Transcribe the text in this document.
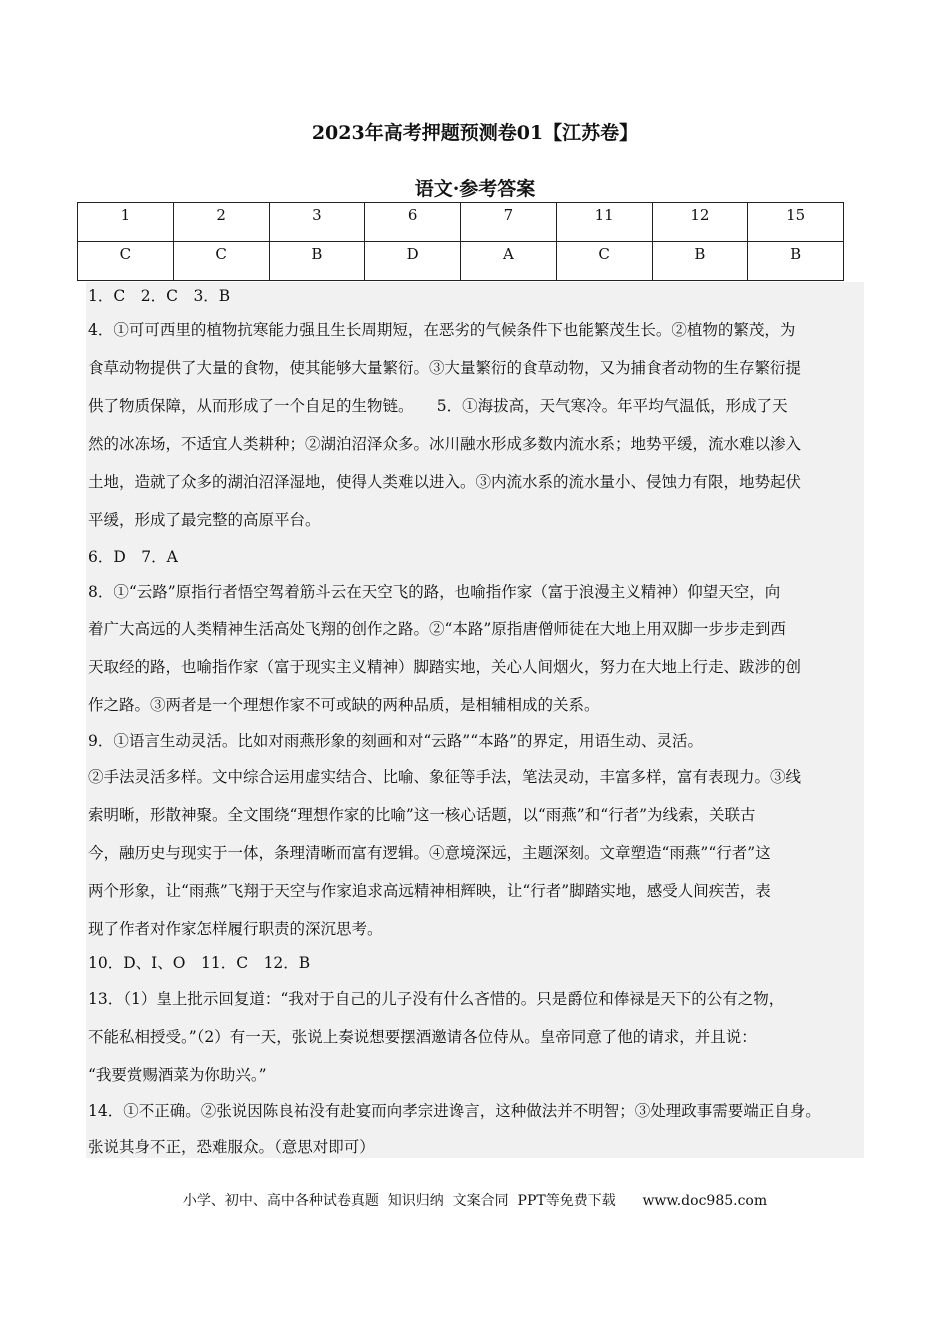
2023年高考押题预测卷01【江苏卷】
语文·参考答案
1	2	3	6	7	11	12	15
C	C	B	D	A	C	B	B
1．C　2．C　3．B
4．①可可西里的植物抗寒能力强且生长周期短，在恶劣的气候条件下也能繁茂生长。②植物的繁茂，为
食草动物提供了大量的食物，使其能够大量繁衍。③大量繁衍的食草动物，又为捕食者动物的生存繁衍提
供了物质保障，从而形成了一个自足的生物链。　　5．①海拔高，天气寒冷。年平均气温低，形成了天
然的冰冻场，不适宜人类耕种；②湖泊沼泽众多。冰川融水形成多数内流水系；地势平缓，流水难以渗入
土地，造就了众多的湖泊沼泽湿地，使得人类难以进入。③内流水系的流水量小、侵蚀力有限，地势起伏
平缓，形成了最完整的高原平台。
6．D　7．A
8．①“云路”原指行者悟空驾着筋斗云在天空飞的路，也喻指作家（富于浪漫主义精神）仰望天空，向
着广大高远的人类精神生活高处飞翔的创作之路。②“本路”原指唐僧师徒在大地上用双脚一步步走到西
天取经的路，也喻指作家（富于现实主义精神）脚踏实地，关心人间烟火，努力在大地上行走、跋涉的创
作之路。③两者是一个理想作家不可或缺的两种品质，是相辅相成的关系。
9．①语言生动灵活。比如对雨燕形象的刻画和对“云路”“本路”的界定，用语生动、灵活。
②手法灵活多样。文中综合运用虚实结合、比喻、象征等手法，笔法灵动，丰富多样，富有表现力。③线
索明晰，形散神聚。全文围绕“理想作家的比喻”这一核心话题，以“雨燕”和“行者”为线索，关联古
今，融历史与现实于一体，条理清晰而富有逻辑。④意境深远，主题深刻。文章塑造“雨燕”“行者”这
两个形象，让“雨燕”飞翔于天空与作家追求高远精神相辉映，让“行者”脚踏实地，感受人间疾苦，表
现了作者对作家怎样履行职责的深沉思考。
10．D、I、O　11．C　12．B
13．（1）皇上批示回复道：“我对于自己的儿子没有什么吝惜的。只是爵位和俸禄是天下的公有之物，
不能私相授受。”（2）有一天，张说上奏说想要摆酒邀请各位侍从。皇帝同意了他的请求，并且说：
“我要赏赐酒菜为你助兴。”
14．①不正确。②张说因陈良祐没有赴宴而向孝宗进谗言，这种做法并不明智；③处理政事需要端正自身。
张说其身不正，恐难服众。（意思对即可）
小学、初中、高中各种试卷真题  知识归纳  文案合同  PPT等免费下载      www.doc985.com
